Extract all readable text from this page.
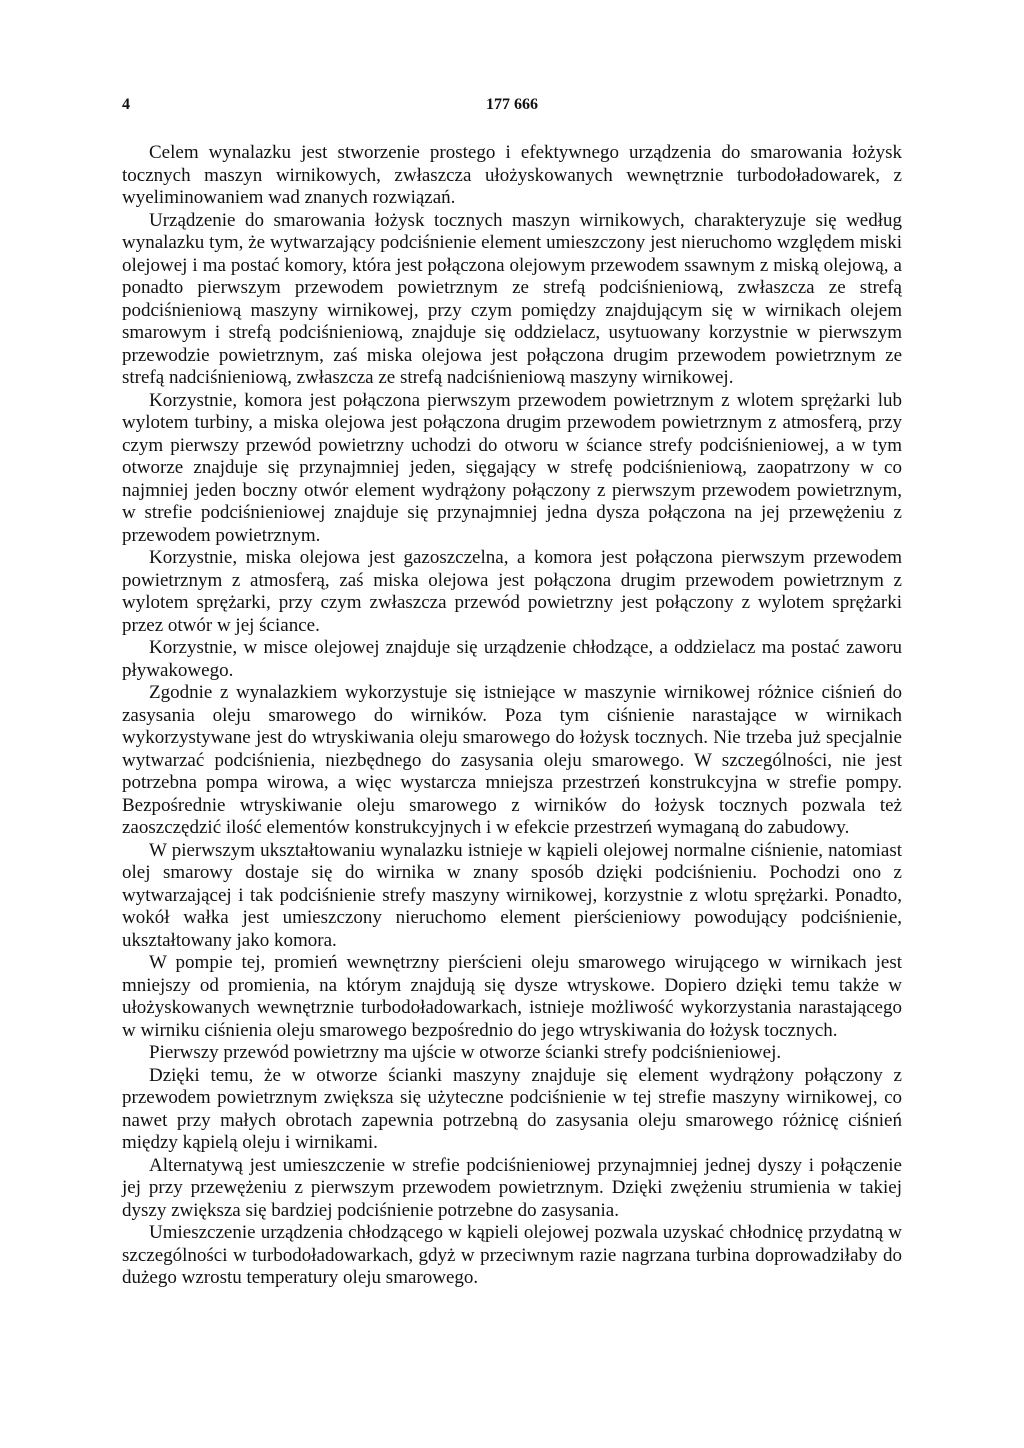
4	177 666

Celem wynalazku jest stworzenie prostego i efektywnego urządzenia do smarowania łożysk tocznych maszyn wirnikowych, zwłaszcza ułożyskowanych wewnętrznie turbodoładowarek, z wyeliminowaniem wad znanych rozwiązań.

Urządzenie do smarowania łożysk tocznych maszyn wirnikowych, charakteryzuje się według wynalazku tym, że wytwarzający podciśnienie element umieszczony jest nieruchomo względem miski olejowej i ma postać komory, która jest połączona olejowym przewodem ssawnym z miską olejową, a ponadto pierwszym przewodem powietrznym ze strefą podciśnieniową, zwłaszcza ze strefą podciśnieniową maszyny wirnikowej, przy czym pomiędzy znajdującym się w wirnikach olejem smarowym i strefą podciśnieniową, znajduje się oddzielacz, usytuowany korzystnie w pierwszym przewodzie powietrznym, zaś miska olejowa jest połączona drugim przewodem powietrznym ze strefą nadciśnieniową, zwłaszcza ze strefą nadciśnieniową maszyny wirnikowej.

Korzystnie, komora jest połączona pierwszym przewodem powietrznym z wlotem sprężarki lub wylotem turbiny, a miska olejowa jest połączona drugim przewodem powietrznym z atmosferą, przy czym pierwszy przewód powietrzny uchodzi do otworu w ściance strefy podciśnieniowej, a w tym otworze znajduje się przynajmniej jeden, sięgający w strefę podciśnieniową, zaopatrzony w co najmniej jeden boczny otwór element wydrążony połączony z pierwszym przewodem powietrznym, w strefie podciśnieniowej znajduje się przynajmniej jedna dysza połączona na jej przewężeniu z przewodem powietrznym.

Korzystnie, miska olejowa jest gazoszczelna, a komora jest połączona pierwszym przewodem powietrznym z atmosferą, zaś miska olejowa jest połączona drugim przewodem powietrznym z wylotem sprężarki, przy czym zwłaszcza przewód powietrzny jest połączony z wylotem sprężarki przez otwór w jej ściance.

Korzystnie, w misce olejowej znajduje się urządzenie chłodzące, a oddzielacz ma postać zaworu pływakowego.

Zgodnie z wynalazkiem wykorzystuje się istniejące w maszynie wirnikowej różnice ciśnień do zasysania oleju smarowego do wirników. Poza tym ciśnienie narastające w wirnikach wykorzystywane jest do wtryskiwania oleju smarowego do łożysk tocznych. Nie trzeba już specjalnie wytwarzać podciśnienia, niezbędnego do zasysania oleju smarowego. W szczególności, nie jest potrzebna pompa wirowa, a więc wystarcza mniejsza przestrzeń konstrukcyjna w strefie pompy. Bezpośrednie wtryskiwanie oleju smarowego z wirników do łożysk tocznych pozwala też zaoszczędzić ilość elementów konstrukcyjnych i w efekcie przestrzeń wymaganą do zabudowy.

W pierwszym ukształtowaniu wynalazku istnieje w kąpieli olejowej normalne ciśnienie, natomiast olej smarowy dostaje się do wirnika w znany sposób dzięki podciśnieniu. Pochodzi ono z wytwarzającej i tak podciśnienie strefy maszyny wirnikowej, korzystnie z wlotu sprężarki. Ponadto, wokół wałka jest umieszczony nieruchomo element pierścieniowy powodujący podciśnienie, ukształtowany jako komora.

W pompie tej, promień wewnętrzny pierścieni oleju smarowego wirującego w wirnikach jest mniejszy od promienia, na którym znajdują się dysze wtryskowe. Dopiero dzięki temu także w ułożyskowanych wewnętrznie turbodoładowarkach, istnieje możliwość wykorzystania narastającego w wirniku ciśnienia oleju smarowego bezpośrednio do jego wtryskiwania do łożysk tocznych.

Pierwszy przewód powietrzny ma ujście w otworze ścianki strefy podciśnieniowej.

Dzięki temu, że w otworze ścianki maszyny znajduje się element wydrążony połączony z przewodem powietrznym zwiększa się użyteczne podciśnienie w tej strefie maszyny wirnikowej, co nawet przy małych obrotach zapewnia potrzebną do zasysania oleju smarowego różnicę ciśnień między kąpielą oleju i wirnikami.

Alternatywą jest umieszczenie w strefie podciśnieniowej przynajmniej jednej dyszy i połączenie jej przy przewężeniu z pierwszym przewodem powietrznym. Dzięki zwężeniu strumienia w takiej dyszy zwiększa się bardziej podciśnienie potrzebne do zasysania.

Umieszczenie urządzenia chłodzącego w kąpieli olejowej pozwala uzyskać chłodnicę przydatną w szczególności w turbodoładowarkach, gdyż w przeciwnym razie nagrzana turbina doprowadziłaby do dużego wzrostu temperatury oleju smarowego.
